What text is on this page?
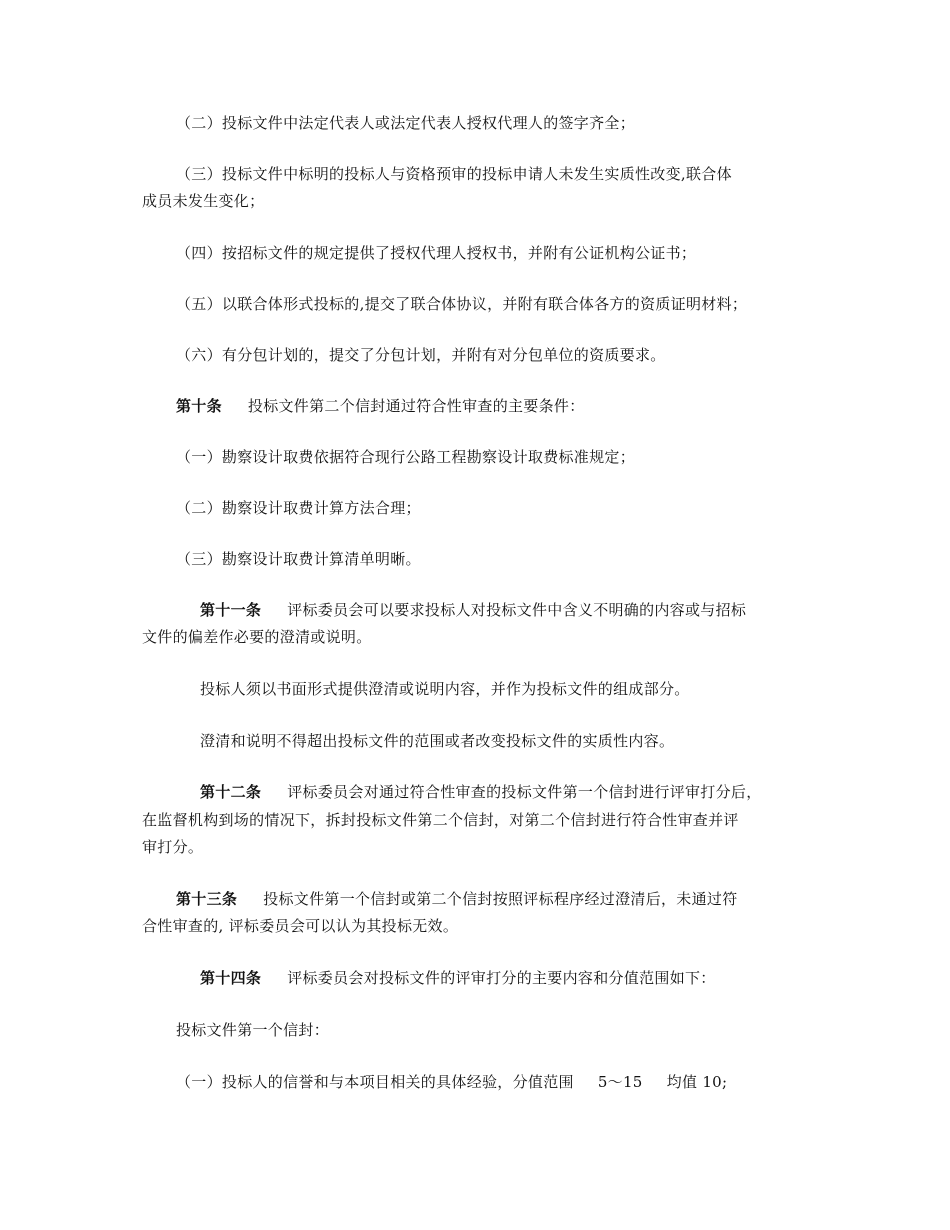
（二）投标文件中法定代表人或法定代表人授权代理人的签字齐全；
（三）投标文件中标明的投标人与资格预审的投标申请人未发生实质性改变,联合体
成员未发生变化；
（四）按招标文件的规定提供了授权代理人授权书，并附有公证机构公证书；
（五）以联合体形式投标的,提交了联合体协议，并附有联合体各方的资质证明材料；
（六）有分包计划的，提交了分包计划，并附有对分包单位的资质要求。
第十条 投标文件第二个信封通过符合性审查的主要条件：
（一）勘察设计取费依据符合现行公路工程勘察设计取费标准规定；
（二）勘察设计取费计算方法合理；
（三）勘察设计取费计算清单明晰。
第十一条 评标委员会可以要求投标人对投标文件中含义不明确的内容或与招标
文件的偏差作必要的澄清或说明。
投标人须以书面形式提供澄清或说明内容，并作为投标文件的组成部分。
澄清和说明不得超出投标文件的范围或者改变投标文件的实质性内容。
第十二条 评标委员会对通过符合性审查的投标文件第一个信封进行评审打分后，
在监督机构到场的情况下，拆封投标文件第二个信封，对第二个信封进行符合性审查并评
审打分。
第十三条 投标文件第一个信封或第二个信封按照评标程序经过澄清后，未通过符
合性审查的, 评标委员会可以认为其投标无效。
第十四条 评标委员会对投标文件的评审打分的主要内容和分值范围如下：
投标文件第一个信封：
（一）投标人的信誉和与本项目相关的具体经验，分值范围 5～15 均值 10;
